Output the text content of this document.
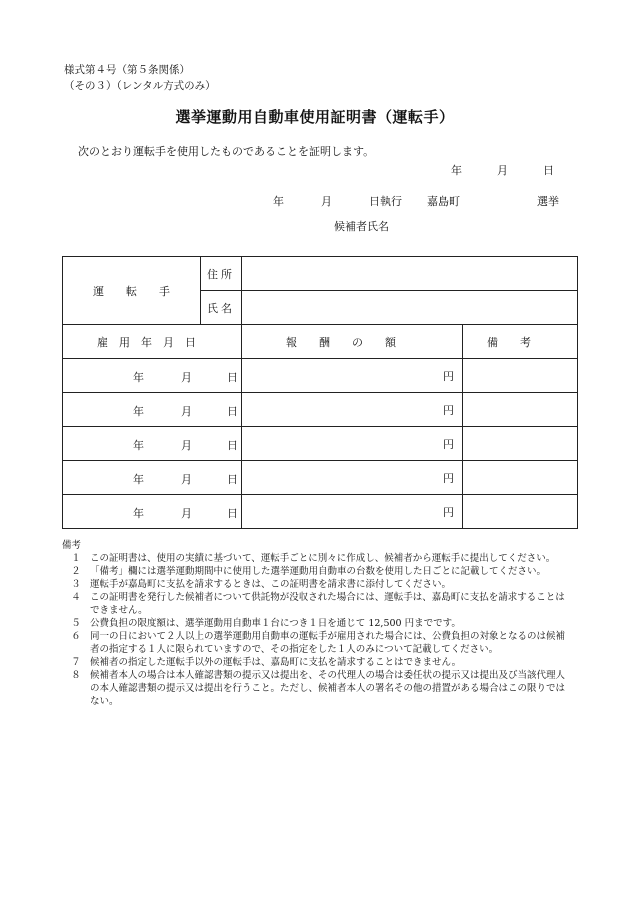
様式第４号（第５条関係）
（その３）（レンタル方式のみ）
選挙運動用自動車使用証明書（運転手）
次のとおり運転手を使用したものであることを証明します。
年	月	日
年	月	日執行 嘉島町	選挙
候補者氏名
運転手	住所		
	氏名		
雇用年月日		報酬の額	備考

年 月 日		円	

年 月 日		円	

年 月 日		円	

年 月 日		円	

年 月 日		円	
備考
１ この証明書は、使用の実績に基づいて、運転手ごとに別々に作成し、候補者から運転手に提出してください。
２ 「備考」欄には選挙運動期間中に使用した選挙運動用自動車の台数を使用した日ごとに記載してください。
３ 運転手が嘉島町に支払を請求するときは、この証明書を請求書に添付してください。
４ この証明書を発行した候補者について供託物が没収された場合には、運転手は、嘉島町に支払を請求することはできません。
５ 公費負担の限度額は、選挙運動用自動車１台につき１日を通じて 12,500 円までです。
６ 同一の日において２人以上の選挙運動用自動車の運転手が雇用された場合には、公費負担の対象となるのは候補者の指定する１人に限られていますので、その指定をした１人のみについて記載してください。
７ 候補者の指定した運転手以外の運転手は、嘉島町に支払を請求することはできません。
８ 候補者本人の場合は本人確認書類の提示又は提出を、その代理人の場合は委任状の提示又は提出及び当該代理人の本人確認書類の提示又は提出を行うこと。ただし、候補者本人の署名その他の措置がある場合はこの限りではない。
